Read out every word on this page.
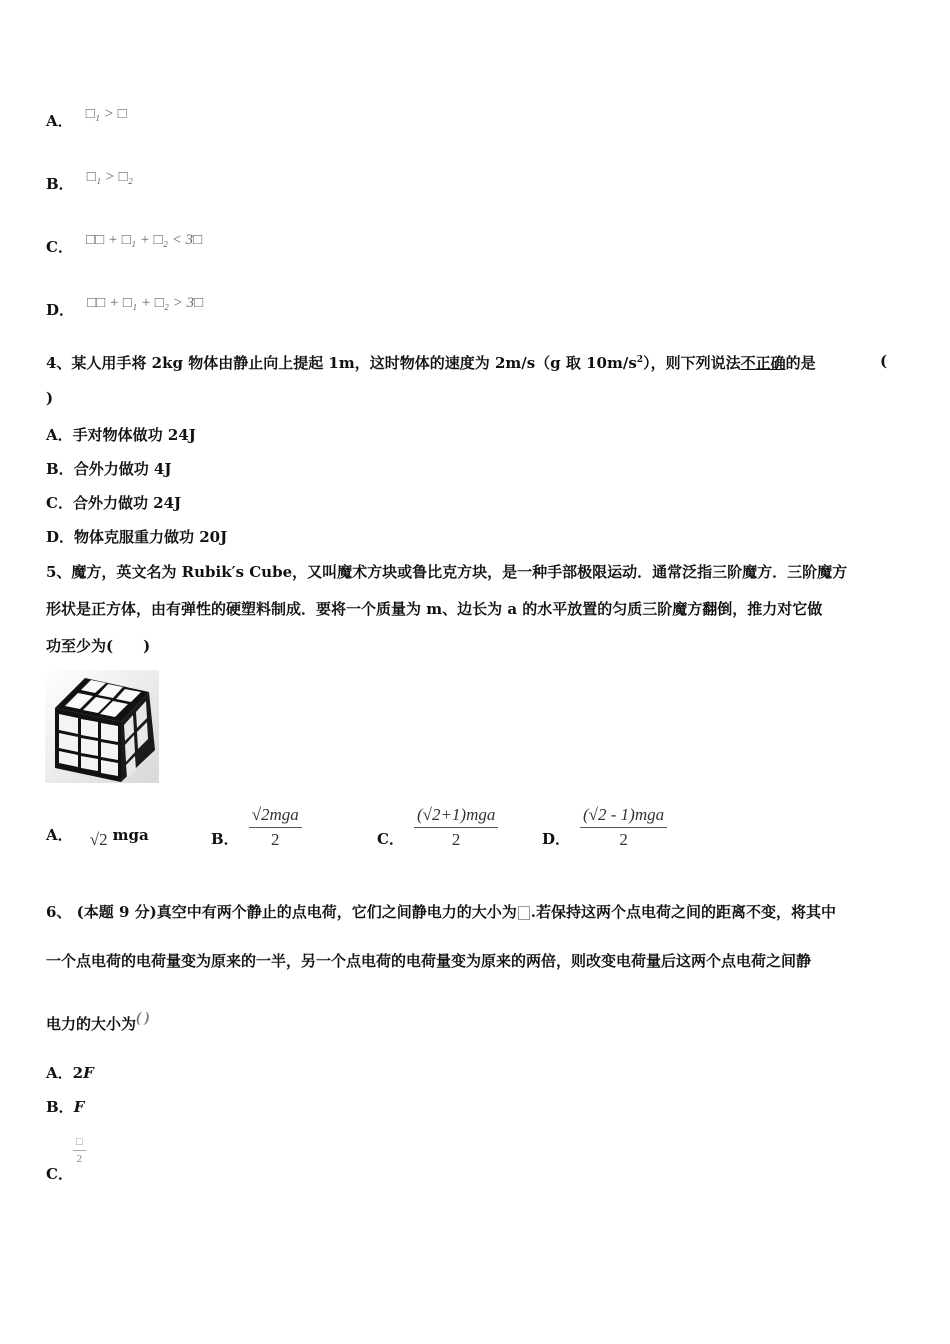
A． □₁ > □
B． □₁ > □₂
C． □□ + □₁ + □₂ < 3□
D． □□ + □₁ + □₂ > 3□
4、某人用手将 2kg 物体由静止向上提起 1m，这时物体的速度为 2m/s（g 取 $10m/s^2$），则下列说法不正确的是	(
)
A．手对物体做功 24J
B．合外力做功 4J
C．合外力做功 24J
D．物体克服重力做功 20J
5、魔方，英文名为 Rubik′s Cube，又叫魔术方块或鲁比克方块，是一种手部极限运动．通常泛指三阶魔方．三阶魔方
形状是正方体，由有弹性的硬塑料制成．要将一个质量为 m、边长为 a 的水平放置的匀质三阶魔方翻倒，推力对它做
功至少为(　　)
A． √2 mga	B． $\frac{\text{√2mga}}{2}$	C． $\frac{\text{(√2+1)mga}}{2}$	D． $\frac{\text{(√2 - 1)mga}}{2}$
6、 (本题 9 分)真空中有两个静止的点电荷，它们之间静电力的大小为 .若保持这两个点电荷之间的距离不变，将其中
一个点电荷的电荷量变为原来的一半，另一个点电荷的电荷量变为原来的两倍，则改变电荷量后这两个点电荷之间静
电力的大小为( )
A．2F
B．F
C．
$\frac{□}{2}$
